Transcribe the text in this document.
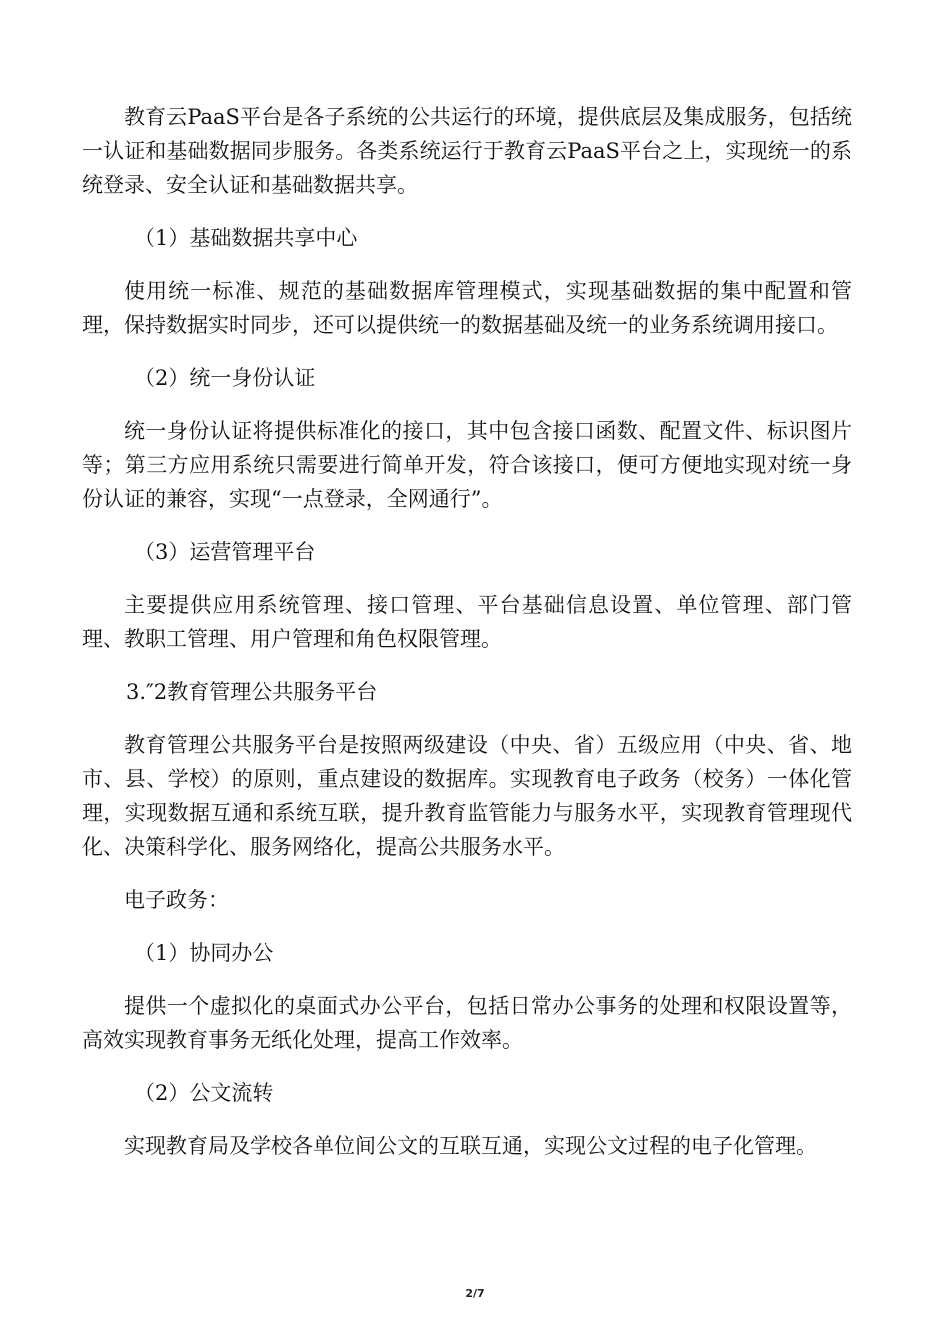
教育云PaaS平台是各子系统的公共运行的环境，提供底层及集成服务，包括统一认证和基础数据同步服务。各类系统运行于教育云PaaS平台之上，实现统一的系统登录、安全认证和基础数据共享。

（1）基础数据共享中心

使用统一标准、规范的基础数据库管理模式，实现基础数据的集中配置和管理，保持数据实时同步，还可以提供统一的数据基础及统一的业务系统调用接口。

（2）统一身份认证

统一身份认证将提供标准化的接口，其中包含接口函数、配置文件、标识图片等；第三方应用系统只需要进行简单开发，符合该接口，便可方便地实现对统一身份认证的兼容，实现“一点登录，全网通行”。

（3）运营管理平台

主要提供应用系统管理、接口管理、平台基础信息设置、单位管理、部门管理、教职工管理、用户管理和角色权限管理。

3.″2教育管理公共服务平台

教育管理公共服务平台是按照两级建设（中央、省）五级应用（中央、省、地市、县、学校）的原则，重点建设的数据库。实现教育电子政务（校务）一体化管理，实现数据互通和系统互联，提升教育监管能力与服务水平，实现教育管理现代化、决策科学化、服务网络化，提高公共服务水平。

电子政务：

（1）协同办公

提供一个虚拟化的桌面式办公平台，包括日常办公事务的处理和权限设置等，高效实现教育事务无纸化处理，提高工作效率。

（2）公文流转

实现教育局及学校各单位间公文的互联互通，实现公文过程的电子化管理。

2/7
